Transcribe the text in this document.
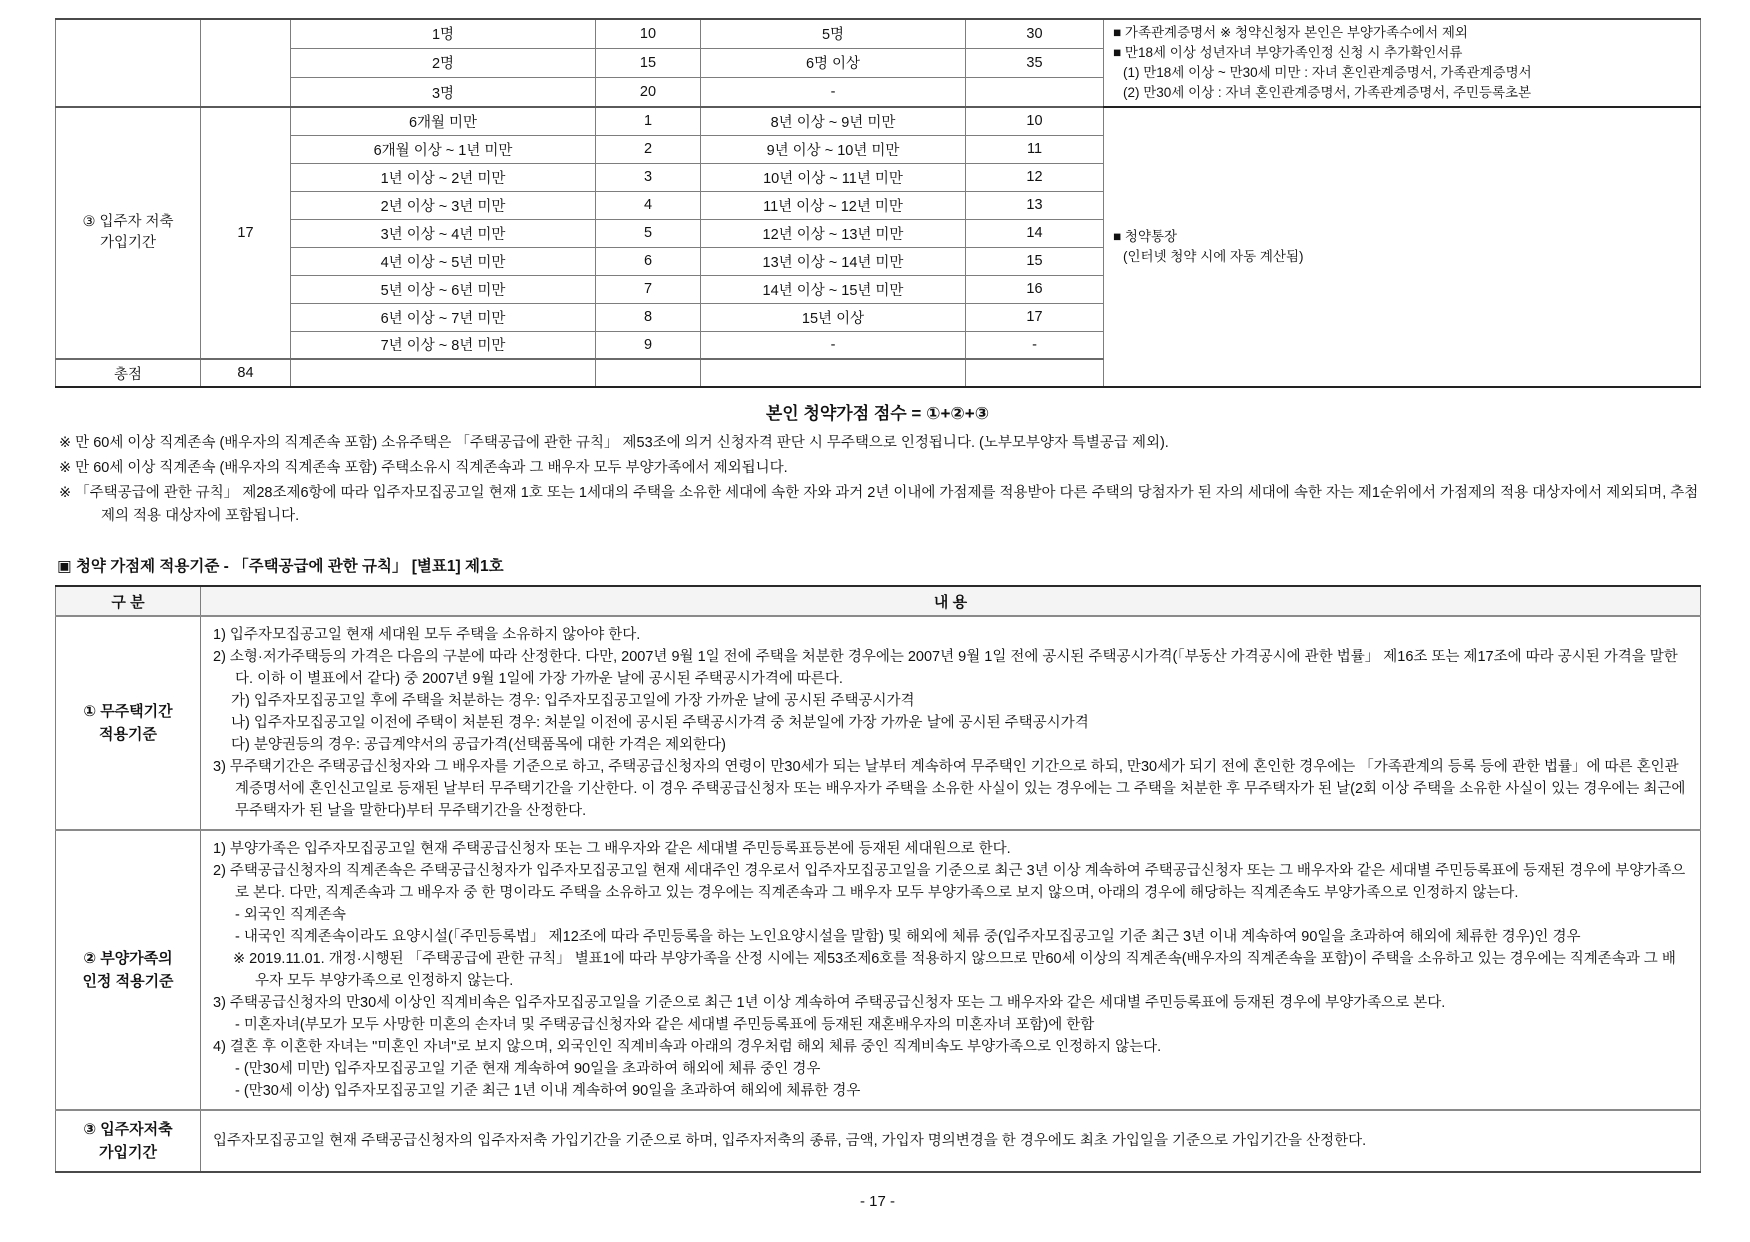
		1명	10	5명	30	■ 가족관계증명서 ※ 청약신청자 본인은 부양가족수에서 제외
■ 만18세 이상 성년자녀 부양가족인정 신청 시 추가확인서류
(1) 만18세 이상 ~ 만30세 미만 : 자녀 혼인관계증명서, 가족관계증명서
(2) 만30세 이상 : 자녀 혼인관계증명서, 가족관계증명서, 주민등록초본

		2명	15	6명 이상	35	
		3명	20	-		

③ 입주자 저축
가입기간
	17	6개월 미만	1	8년 이상 ~ 9년 미만	10	
■ 청약통장
(인터넷 청약 시에 자동 계산됨)

		6개월 이상 ~ 1년 미만	2	9년 이상 ~ 10년 미만	11	
		1년 이상 ~ 2년 미만	3	10년 이상 ~ 11년 미만	12	
		2년 이상 ~ 3년 미만	4	11년 이상 ~ 12년 미만	13	
		3년 이상 ~ 4년 미만	5	12년 이상 ~ 13년 미만	14	
		4년 이상 ~ 5년 미만	6	13년 이상 ~ 14년 미만	15	
		5년 이상 ~ 6년 미만	7	14년 이상 ~ 15년 미만	16	
		6년 이상 ~ 7년 미만	8	15년 이상	17	
		7년 이상 ~ 8년 미만	9	-	-	
총점	84					
본인 청약가점 점수 = ①+②+③

※ 만 60세 이상 직계존속 (배우자의 직계존속 포함) 소유주택은 「주택공급에 관한 규칙」 제53조에 의거 신청자격 판단 시 무주택으로 인정됩니다. (노부모부양자 특별공급 제외).

※ 만 60세 이상 직계존속 (배우자의 직계존속 포함) 주택소유시 직계존속과 그 배우자 모두 부양가족에서 제외됩니다.

※ 「주택공급에 관한 규칙」 제28조제6항에 따라 입주자모집공고일 현재 1호 또는 1세대의 주택을 소유한 세대에 속한 자와 과거 2년 이내에 가점제를 적용받아 다른 주택의 당첨자가 된 자의 세대에 속한 자는 제1순위에서 가점제의 적용 대상자에서 제외되며, 추첨제의 적용 대상자에 포함됩니다.

▣ 청약 가점제 적용기준 - 「주택공급에 관한 규칙」 [별표1] 제1호
구 분	내 용

① 무주택기간
적용기준

1) 입주자모집공고일 현재 세대원 모두 주택을 소유하지 않아야 한다.

2) 소형·저가주택등의 가격은 다음의 구분에 따라 산정한다. 다만, 2007년 9월 1일 전에 주택을 처분한 경우에는 2007년 9월 1일 전에 공시된 주택공시가격(「부동산 가격공시에 관한 법률」 제16조 또는 제17조에 따라 공시된 가격을 말한다. 이하 이 별표에서 같다) 중 2007년 9월 1일에 가장 가까운 날에 공시된 주택공시가격에 따른다.

가) 입주자모집공고일 후에 주택을 처분하는 경우: 입주자모집공고일에 가장 가까운 날에 공시된 주택공시가격

나) 입주자모집공고일 이전에 주택이 처분된 경우: 처분일 이전에 공시된 주택공시가격 중 처분일에 가장 가까운 날에 공시된 주택공시가격

다) 분양권등의 경우: 공급계약서의 공급가격(선택품목에 대한 가격은 제외한다)

3) 무주택기간은 주택공급신청자와 그 배우자를 기준으로 하고, 주택공급신청자의 연령이 만30세가 되는 날부터 계속하여 무주택인 기간으로 하되, 만30세가 되기 전에 혼인한 경우에는 「가족관계의 등록 등에 관한 법률」에 따른 혼인관계증명서에 혼인신고일로 등재된 날부터 무주택기간을 기산한다. 이 경우 주택공급신청자 또는 배우자가 주택을 소유한 사실이 있는 경우에는 그 주택을 처분한 후 무주택자가 된 날(2회 이상 주택을 소유한 사실이 있는 경우에는 최근에 무주택자가 된 날을 말한다)부터 무주택기간을 산정한다.

② 부양가족의
인정 적용기준

1) 부양가족은 입주자모집공고일 현재 주택공급신청자 또는 그 배우자와 같은 세대별 주민등록표등본에 등재된 세대원으로 한다.

2) 주택공급신청자의 직계존속은 주택공급신청자가 입주자모집공고일 현재 세대주인 경우로서 입주자모집공고일을 기준으로 최근 3년 이상 계속하여 주택공급신청자 또는 그 배우자와 같은 세대별 주민등록표에 등재된 경우에 부양가족으로 본다. 다만, 직계존속과 그 배우자 중 한 명이라도 주택을 소유하고 있는 경우에는 직계존속과 그 배우자 모두 부양가족으로 보지 않으며, 아래의 경우에 해당하는 직계존속도 부양가족으로 인정하지 않는다.

- 외국인 직계존속

- 내국인 직계존속이라도 요양시설(「주민등록법」 제12조에 따라 주민등록을 하는 노인요양시설을 말함) 및 해외에 체류 중(입주자모집공고일 기준 최근 3년 이내 계속하여 90일을 초과하여 해외에 체류한 경우)인 경우

※ 2019.11.01. 개정·시행된 「주택공급에 관한 규칙」 별표1에 따라 부양가족을 산정 시에는 제53조제6호를 적용하지 않으므로 만60세 이상의 직계존속(배우자의 직계존속을 포함)이 주택을 소유하고 있는 경우에는 직계존속과 그 배우자 모두 부양가족으로 인정하지 않는다.

3) 주택공급신청자의 만30세 이상인 직계비속은 입주자모집공고일을 기준으로 최근 1년 이상 계속하여 주택공급신청자 또는 그 배우자와 같은 세대별 주민등록표에 등재된 경우에 부양가족으로 본다.

- 미혼자녀(부모가 모두 사망한 미혼의 손자녀 및 주택공급신청자와 같은 세대별 주민등록표에 등재된 재혼배우자의 미혼자녀 포함)에 한함

4) 결혼 후 이혼한 자녀는 "미혼인 자녀"로 보지 않으며, 외국인인 직계비속과 아래의 경우처럼 해외 체류 중인 직계비속도 부양가족으로 인정하지 않는다.

- (만30세 미만) 입주자모집공고일 기준 현재 계속하여 90일을 초과하여 해외에 체류 중인 경우

- (만30세 이상) 입주자모집공고일 기준 최근 1년 이내 계속하여 90일을 초과하여 해외에 체류한 경우

③ 입주자저축
가입기간	입주자모집공고일 현재 주택공급신청자의 입주자저축 가입기간을 기준으로 하며, 입주자저축의 종류, 금액, 가입자 명의변경을 한 경우에도 최초 가입일을 기준으로 가입기간을 산정한다.

- 17 -
